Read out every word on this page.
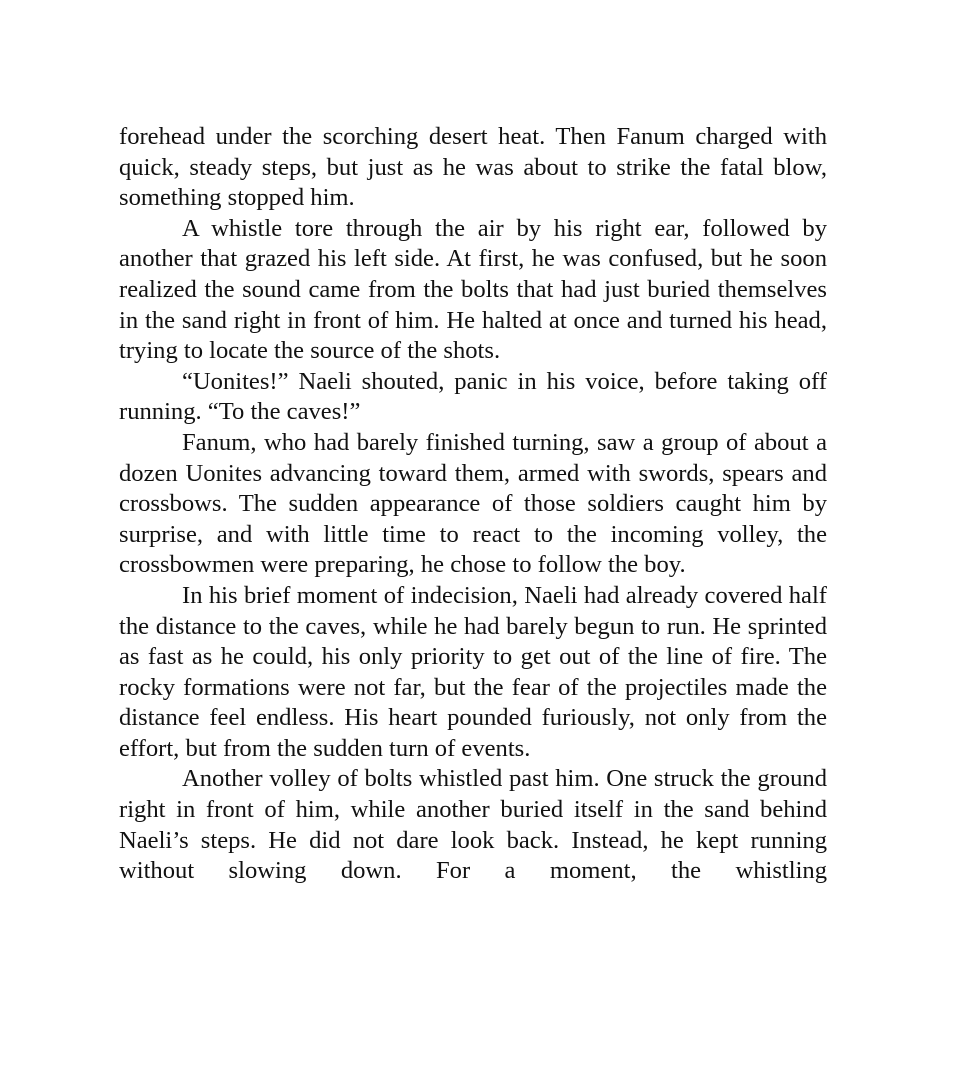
forehead under the scorching desert heat. Then Fanum charged with quick, steady steps, but just as he was about to strike the fatal blow, something stopped him.

A whistle tore through the air by his right ear, followed by another that grazed his left side. At first, he was confused, but he soon realized the sound came from the bolts that had just buried themselves in the sand right in front of him. He halted at once and turned his head, trying to locate the source of the shots.

“Uonites!” Naeli shouted, panic in his voice, before taking off running. “To the caves!”

Fanum, who had barely finished turning, saw a group of about a dozen Uonites advancing toward them, armed with swords, spears and crossbows. The sudden appearance of those soldiers caught him by surprise, and with little time to react to the incoming volley, the crossbowmen were preparing, he chose to follow the boy.

In his brief moment of indecision, Naeli had already covered half the distance to the caves, while he had barely begun to run. He sprinted as fast as he could, his only priority to get out of the line of fire. The rocky formations were not far, but the fear of the projectiles made the distance feel endless. His heart pounded furiously, not only from the effort, but from the sudden turn of events.

Another volley of bolts whistled past him. One struck the ground right in front of him, while another buried itself in the sand behind Naeli’s steps. He did not dare look back. Instead, he kept running without slowing down. For a moment, the whistling
